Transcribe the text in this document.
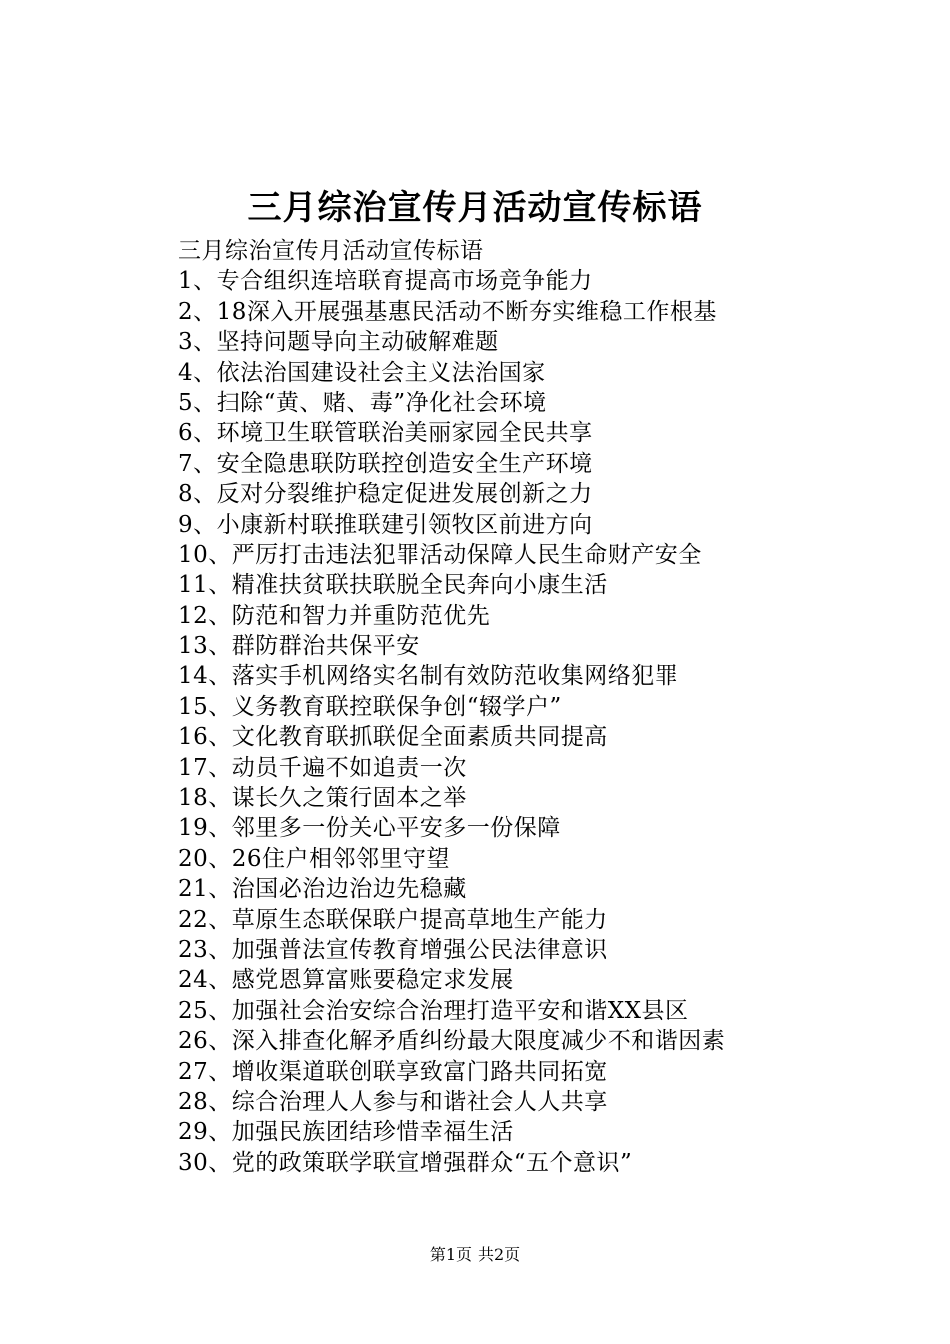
三月综治宣传月活动宣传标语
三月综治宣传月活动宣传标语
1、专合组织连培联育提高市场竞争能力
2、18深入开展强基惠民活动不断夯实维稳工作根基
3、坚持问题导向主动破解难题
4、依法治国建设社会主义法治国家
5、扫除“黄、赌、毒”净化社会环境
6、环境卫生联管联治美丽家园全民共享
7、安全隐患联防联控创造安全生产环境
8、反对分裂维护稳定促进发展创新之力
9、小康新村联推联建引领牧区前进方向
10、严厉打击违法犯罪活动保障人民生命财产安全
11、精准扶贫联扶联脱全民奔向小康生活
12、防范和智力并重防范优先
13、群防群治共保平安
14、落实手机网络实名制有效防范收集网络犯罪
15、义务教育联控联保争创“辍学户”
16、文化教育联抓联促全面素质共同提高
17、动员千遍不如追责一次
18、谋长久之策行固本之举
19、邻里多一份关心平安多一份保障
20、26住户相邻邻里守望
21、治国必治边治边先稳藏
22、草原生态联保联户提高草地生产能力
23、加强普法宣传教育增强公民法律意识
24、感党恩算富账要稳定求发展
25、加强社会治安综合治理打造平安和谐XX县区
26、深入排查化解矛盾纠纷最大限度减少不和谐因素
27、增收渠道联创联享致富门路共同拓宽
28、综合治理人人参与和谐社会人人共享
29、加强民族团结珍惜幸福生活
30、党的政策联学联宣增强群众“五个意识”
第1页 共2页
